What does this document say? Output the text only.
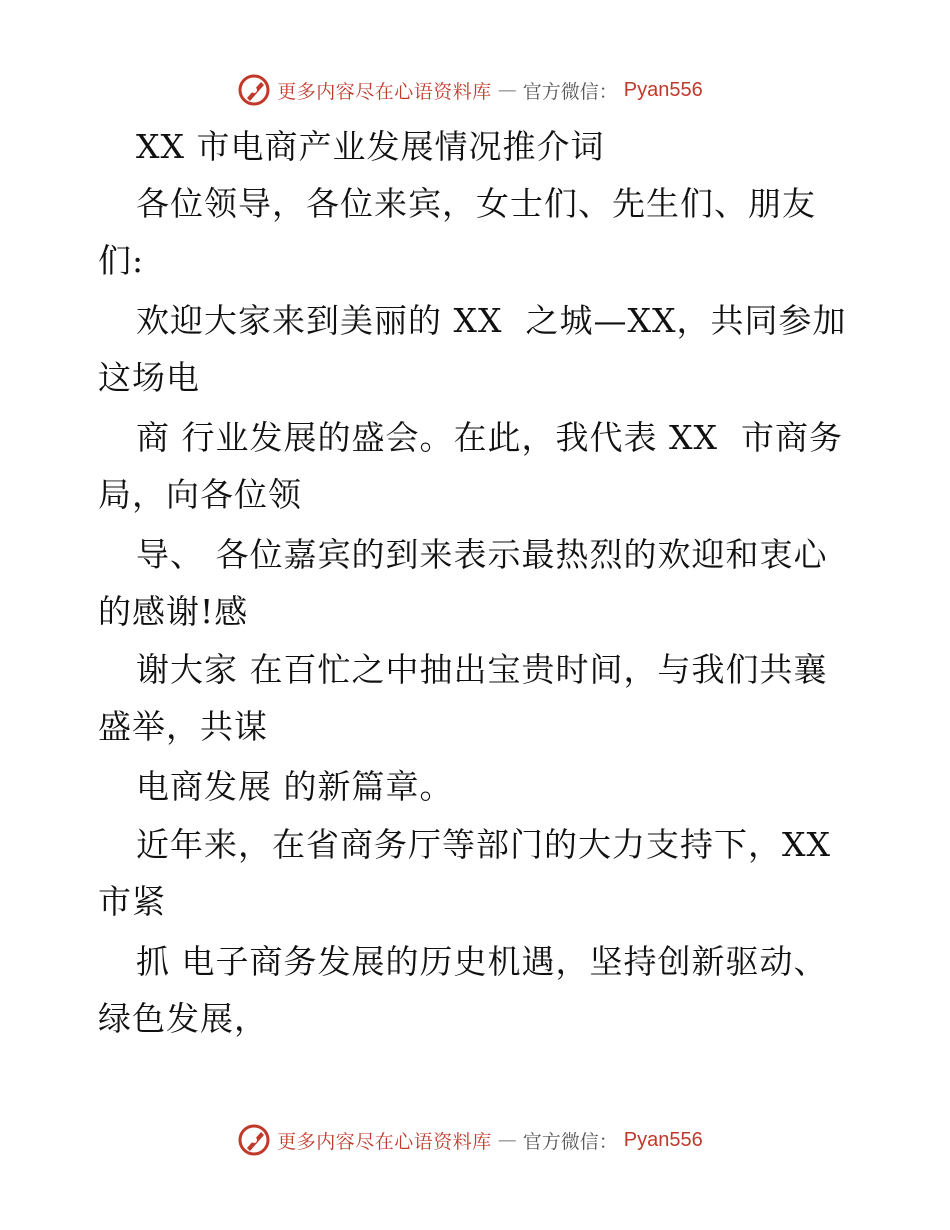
更多内容尽在心语资料库 — 官方微信： Pyan556
XX 市电商产业发展情况推介词
各位领导，各位来宾，女士们、先生们、朋友
们:
欢迎大家来到美丽的 XX  之城—XX，共同参加
这场电
商 行业发展的盛会。在此，我代表 XX  市商务
局，向各位领
导、 各位嘉宾的到来表示最热烈的欢迎和衷心
的感谢!感
谢大家 在百忙之中抽出宝贵时间，与我们共襄
盛举，共谋
电商发展 的新篇章。
近年来，在省商务厅等部门的大力支持下，XX
市紧
抓 电子商务发展的历史机遇，坚持创新驱动、
绿色发展，
更多内容尽在心语资料库 — 官方微信： Pyan556
